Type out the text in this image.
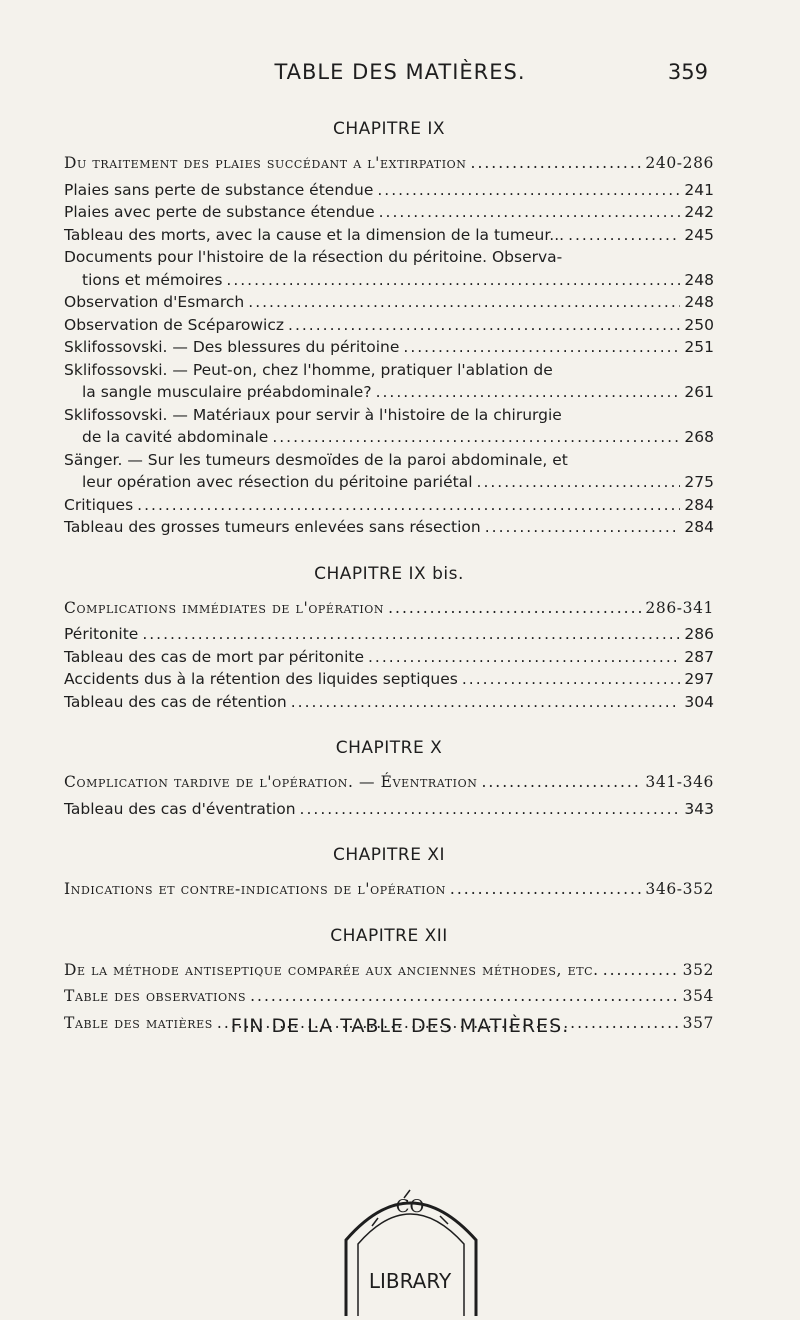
TABLE DES MATIÈRES.	359
CHAPITRE IX
Du traitement des plaies succédant a l'extirpation .....	240-286
Plaies sans perte de substance étendue .....	241
Plaies avec perte de substance étendue .....	242
Tableau des morts, avec la cause et la dimension de la tumeur... .....	245
Documents pour l'histoire de la résection du péritoine. Observa-
tions et mémoires .....	248
Observation d'Esmarch .....	248
Observation de Scéparowicz .....	250
Sklifossovski. — Des blessures du péritoine .....	251
Sklifossovski. — Peut-on, chez l'homme, pratiquer l'ablation de
la sangle musculaire préabdominale? .....	261
Sklifossovski. — Matériaux pour servir à l'histoire de la chirurgie
de la cavité abdominale .....	268
Sänger. — Sur les tumeurs desmoïdes de la paroi abdominale, et
leur opération avec résection du péritoine pariétal .....	275
Critiques .....	284
Tableau des grosses tumeurs enlevées sans résection .....	284
CHAPITRE IX bis.
Complications immédiates de l'opération .....	286-341
Péritonite .....	286
Tableau des cas de mort par péritonite .....	287
Accidents dus à la rétention des liquides septiques .....	297
Tableau des cas de rétention .....	304
CHAPITRE X
Complication tardive de l'opération. — Éventration .....	341-346
Tableau des cas d'éventration .....	343
CHAPITRE XI
Indications et contre-indications de l'opération .....	346-352
CHAPITRE XII
De la méthode antiseptique comparée aux anciennes méthodes, etc. .....	352
Table des observations .....	354
Table des matières .....	357
FIN DE LA TABLE DES MATIÈRES.
CO
LIBRARY
